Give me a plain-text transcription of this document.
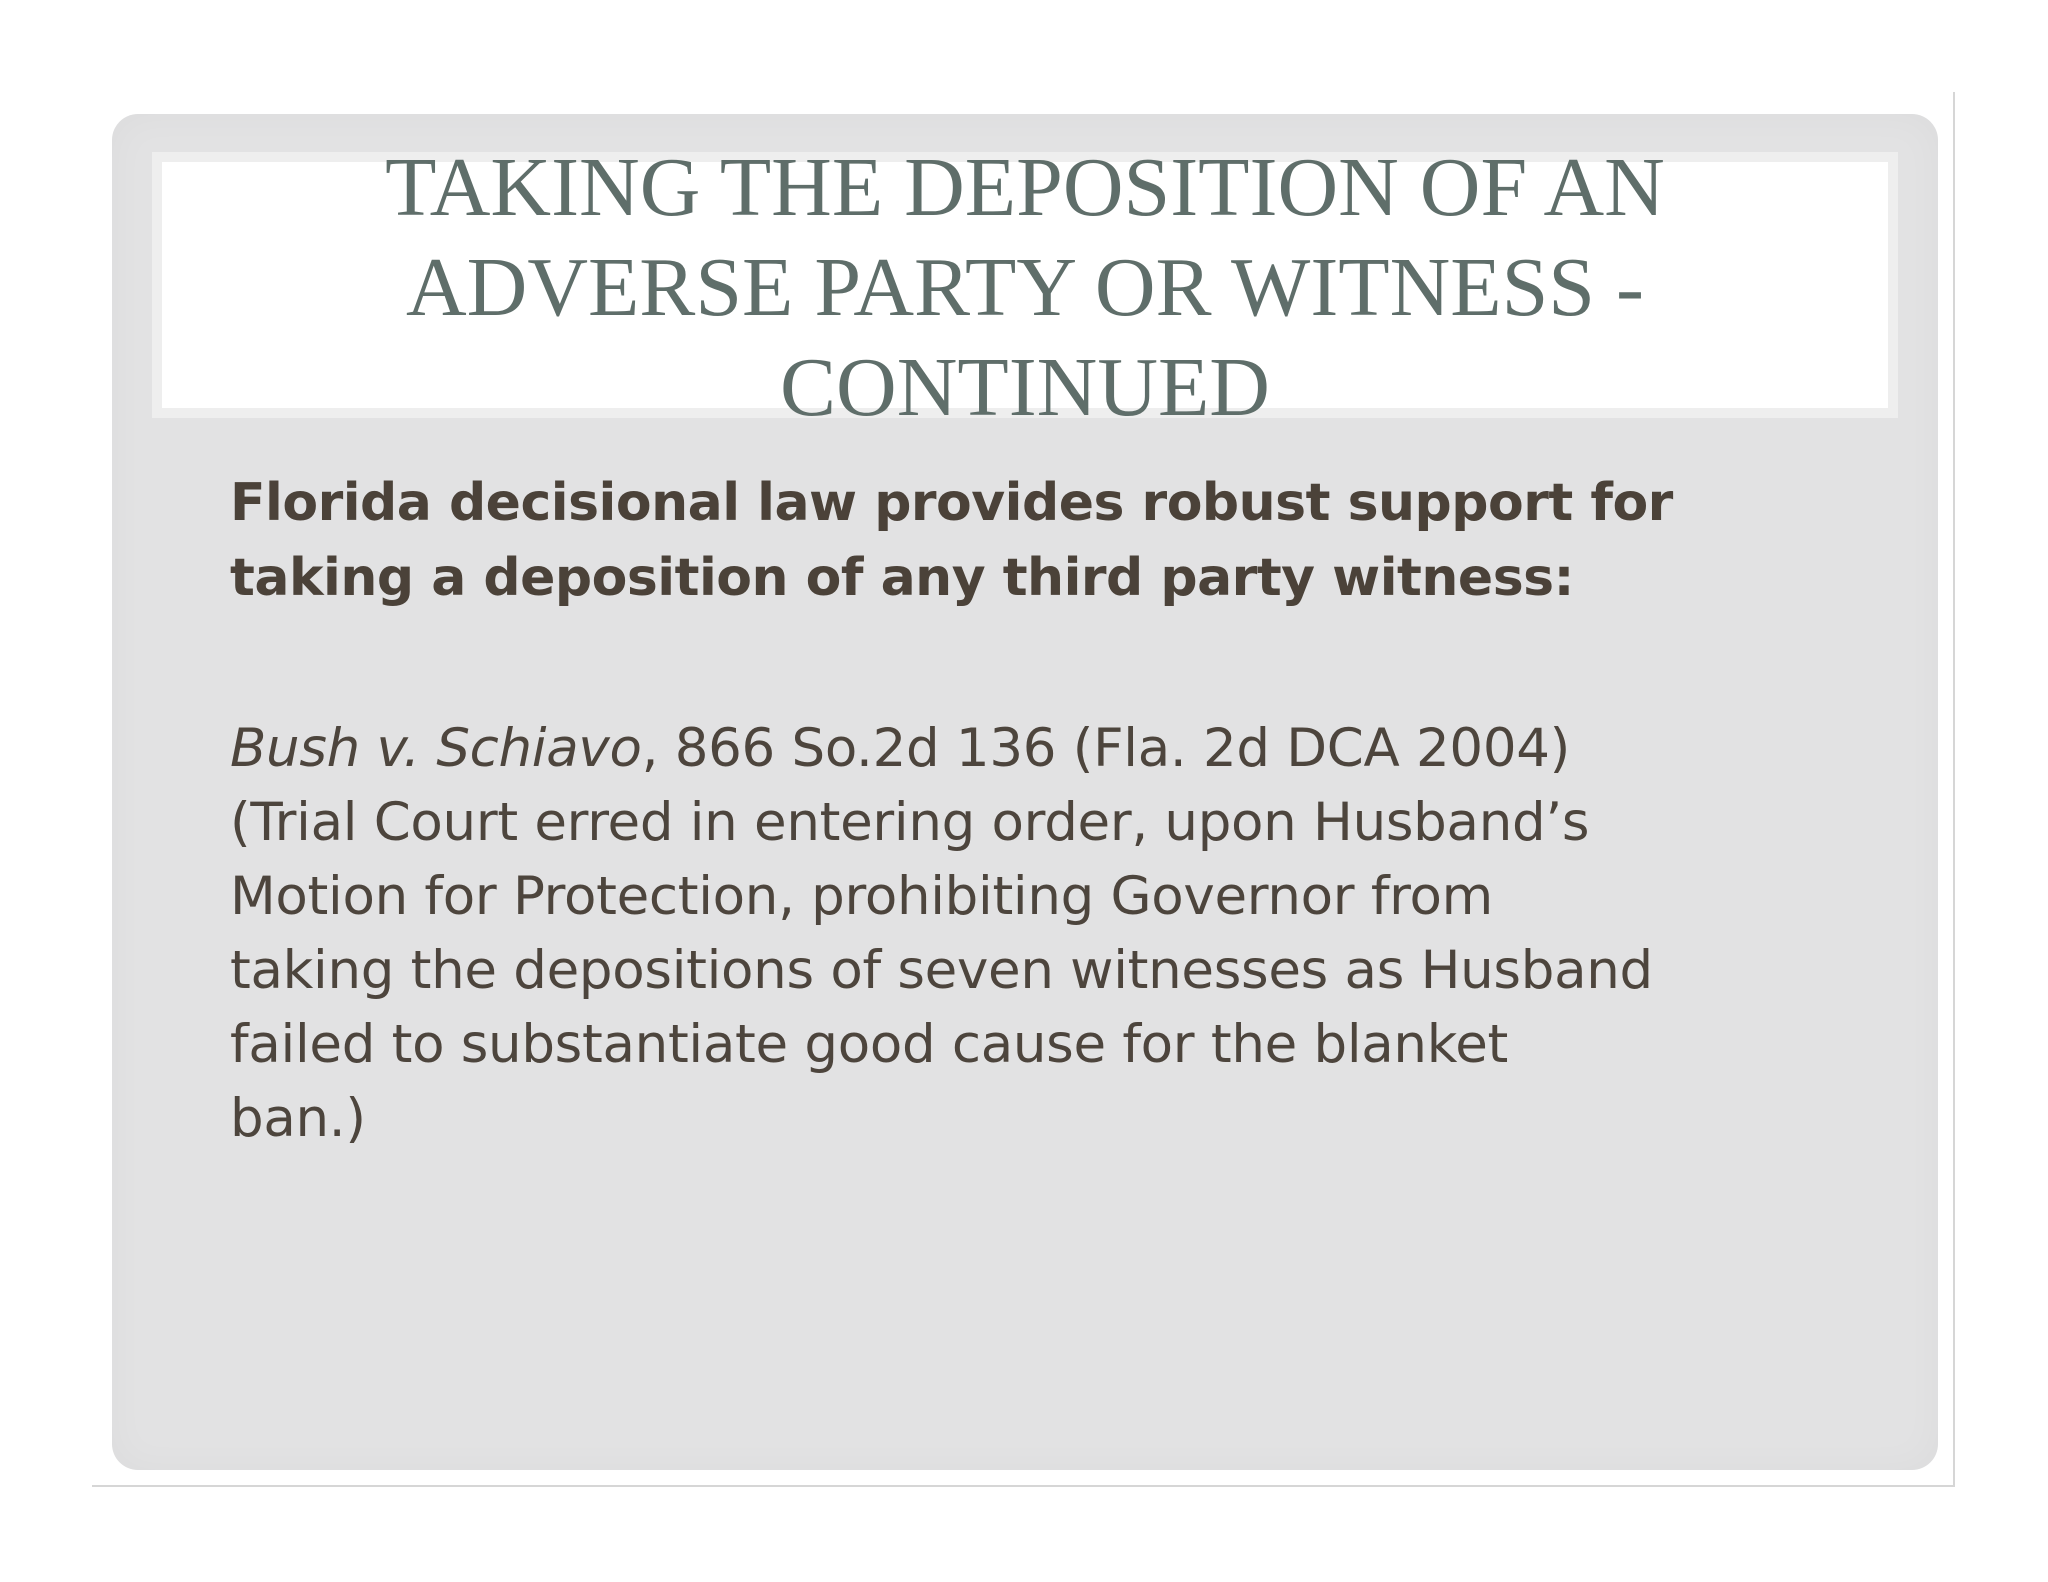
TAKING THE DEPOSITION OF AN
ADVERSE PARTY OR WITNESS -
CONTINUED

Florida decisional law provides robust support for
taking a deposition of any third party witness:

Bush v. Schiavo, 866 So.2d 136 (Fla. 2d DCA 2004)
(Trial Court erred in entering order, upon Husband’s
Motion for Protection, prohibiting Governor from
taking the depositions of seven witnesses as Husband
failed to substantiate good cause for the blanket
ban.)
